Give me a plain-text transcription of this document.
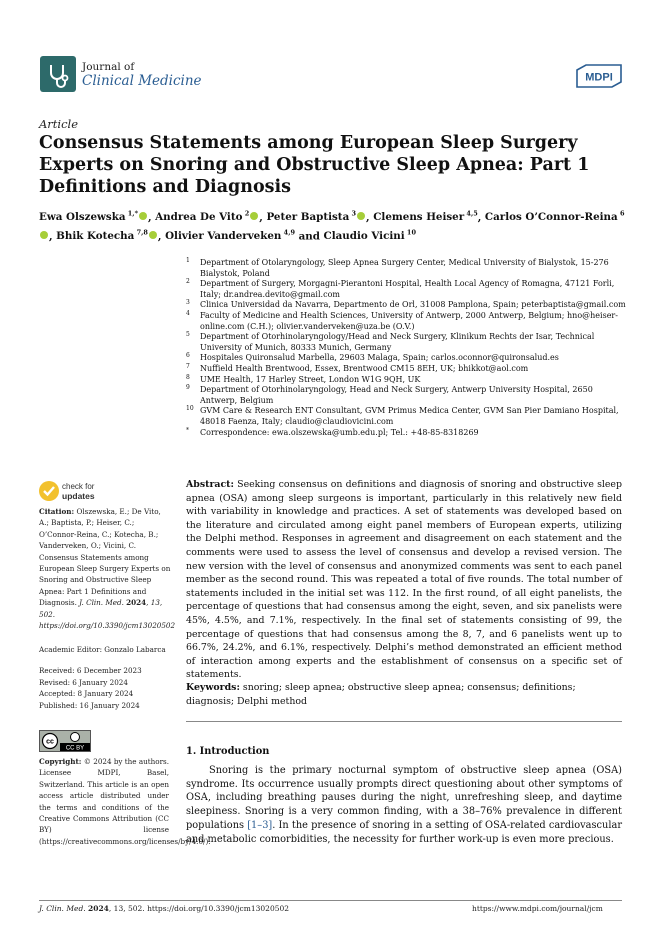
Journal of
Clinical Medicine	MDPI
Article
Consensus Statements among European Sleep Surgery Experts on Snoring and Obstructive Sleep Apnea: Part 1 Definitions and Diagnosis
Ewa Olszewska $^{1,*}$ , Andrea De Vito $^2$ , Peter Baptista $^3$ , Clemens Heiser $^{4,5}$, Carlos O’Connor-Reina $^6$, Bhik Kotecha $^{7,8}$ , Olivier Vanderveken $^{4,9}$ and Claudio Vicini $^{10}$
1 Department of Otolaryngology, Sleep Apnea Surgery Center, Medical University of Bialystok, 15-276 Bialystok, Poland
2 Department of Surgery, Morgagni-Pierantoni Hospital, Health Local Agency of Romagna, 47121 Forli, Italy; dr.andrea.devito@gmail.com
3 Clinica Universidad da Navarra, Departmento de Orl, 31008 Pamplona, Spain; peterbaptista@gmail.com
4 Faculty of Medicine and Health Sciences, University of Antwerp, 2000 Antwerp, Belgium; hno@heiser-online.com (C.H.); olivier.vanderveken@uza.be (O.V.)
5 Department of Otorhinolaryngology/Head and Neck Surgery, Klinikum Rechts der Isar, Technical University of Munich, 80333 Munich, Germany
6 Hospitales Quironsalud Marbella, 29603 Malaga, Spain; carlos.oconnor@quironsalud.es
7 Nuffield Health Brentwood, Essex, Brentwood CM15 8EH, UK; bhikkot@aol.com
8 UME Health, 17 Harley Street, London W1G 9QH, UK
9 Department of Otorhinolaryngology, Head and Neck Surgery, Antwerp University Hospital, 2650 Antwerp, Belgium
10 GVM Care & Research ENT Consultant, GVM Primus Medica Center, GVM San Pier Damiano Hospital, 48018 Faenza, Italy; claudio@claudiovicini.com
* Correspondence: ewa.olszewska@umb.edu.pl; Tel.: +48-85-8318269
check for
updates
Citation: Olszewska, E.; De Vito, A.; Baptista, P.; Heiser, C.; O’Connor-Reina, C.; Kotecha, B.; Vanderveken, O.; Vicini, C. Consensus Statements among European Sleep Surgery Experts on Snoring and Obstructive Sleep Apnea: Part 1 Definitions and Diagnosis. J. Clin. Med. 2024, 13, 502. https://doi.org/10.3390/jcm13020502
Academic Editor: Gonzalo Labarca
Received: 6 December 2023
Revised: 6 January 2024
Accepted: 8 January 2024
Published: 16 January 2024
cc
CC BY
Copyright: © 2024 by the authors. Licensee MDPI, Basel, Switzerland. This article is an open access article distributed under the terms and conditions of the Creative Commons Attribution (CC BY) license (https://creativecommons.org/licenses/by/4.0/).
Abstract: Seeking consensus on definitions and diagnosis of snoring and obstructive sleep apnea (OSA) among sleep surgeons is important, particularly in this relatively new field with variability in knowledge and practices. A set of statements was developed based on the literature and circulated among eight panel members of European experts, utilizing the Delphi method. Responses in agreement and disagreement on each statement and the comments were used to assess the level of consensus and develop a revised version. The new version with the level of consensus and anonymized comments was sent to each panel member as the second round. This was repeated a total of five rounds. The total number of statements included in the initial set was 112. In the first round, of all eight panelists, the percentage of questions that had consensus among the eight, seven, and six panelists were 45%, 4.5%, and 7.1%, respectively. In the final set of statements consisting of 99, the percentage of questions that had consensus among the 8, 7, and 6 panelists went up to 66.7%, 24.2%, and 6.1%, respectively. Delphi’s method demonstrated an efficient method of interaction among experts and the establishment of consensus on a specific set of statements.
Keywords: snoring; sleep apnea; obstructive sleep apnea; consensus; definitions; diagnosis; Delphi method
1. Introduction
Snoring is the primary nocturnal symptom of obstructive sleep apnea (OSA) syndrome. Its occurrence usually prompts direct questioning about other symptoms of OSA, including breathing pauses during the night, unrefreshing sleep, and daytime sleepiness. Snoring is a very common finding, with a 38–76% prevalence in different populations [1–3]. In the presence of snoring in a setting of OSA-related cardiovascular and metabolic comorbidities, the necessity for further work-up is even more precious.
J. Clin. Med. 2024, 13, 502. https://doi.org/10.3390/jcm13020502	https://www.mdpi.com/journal/jcm
